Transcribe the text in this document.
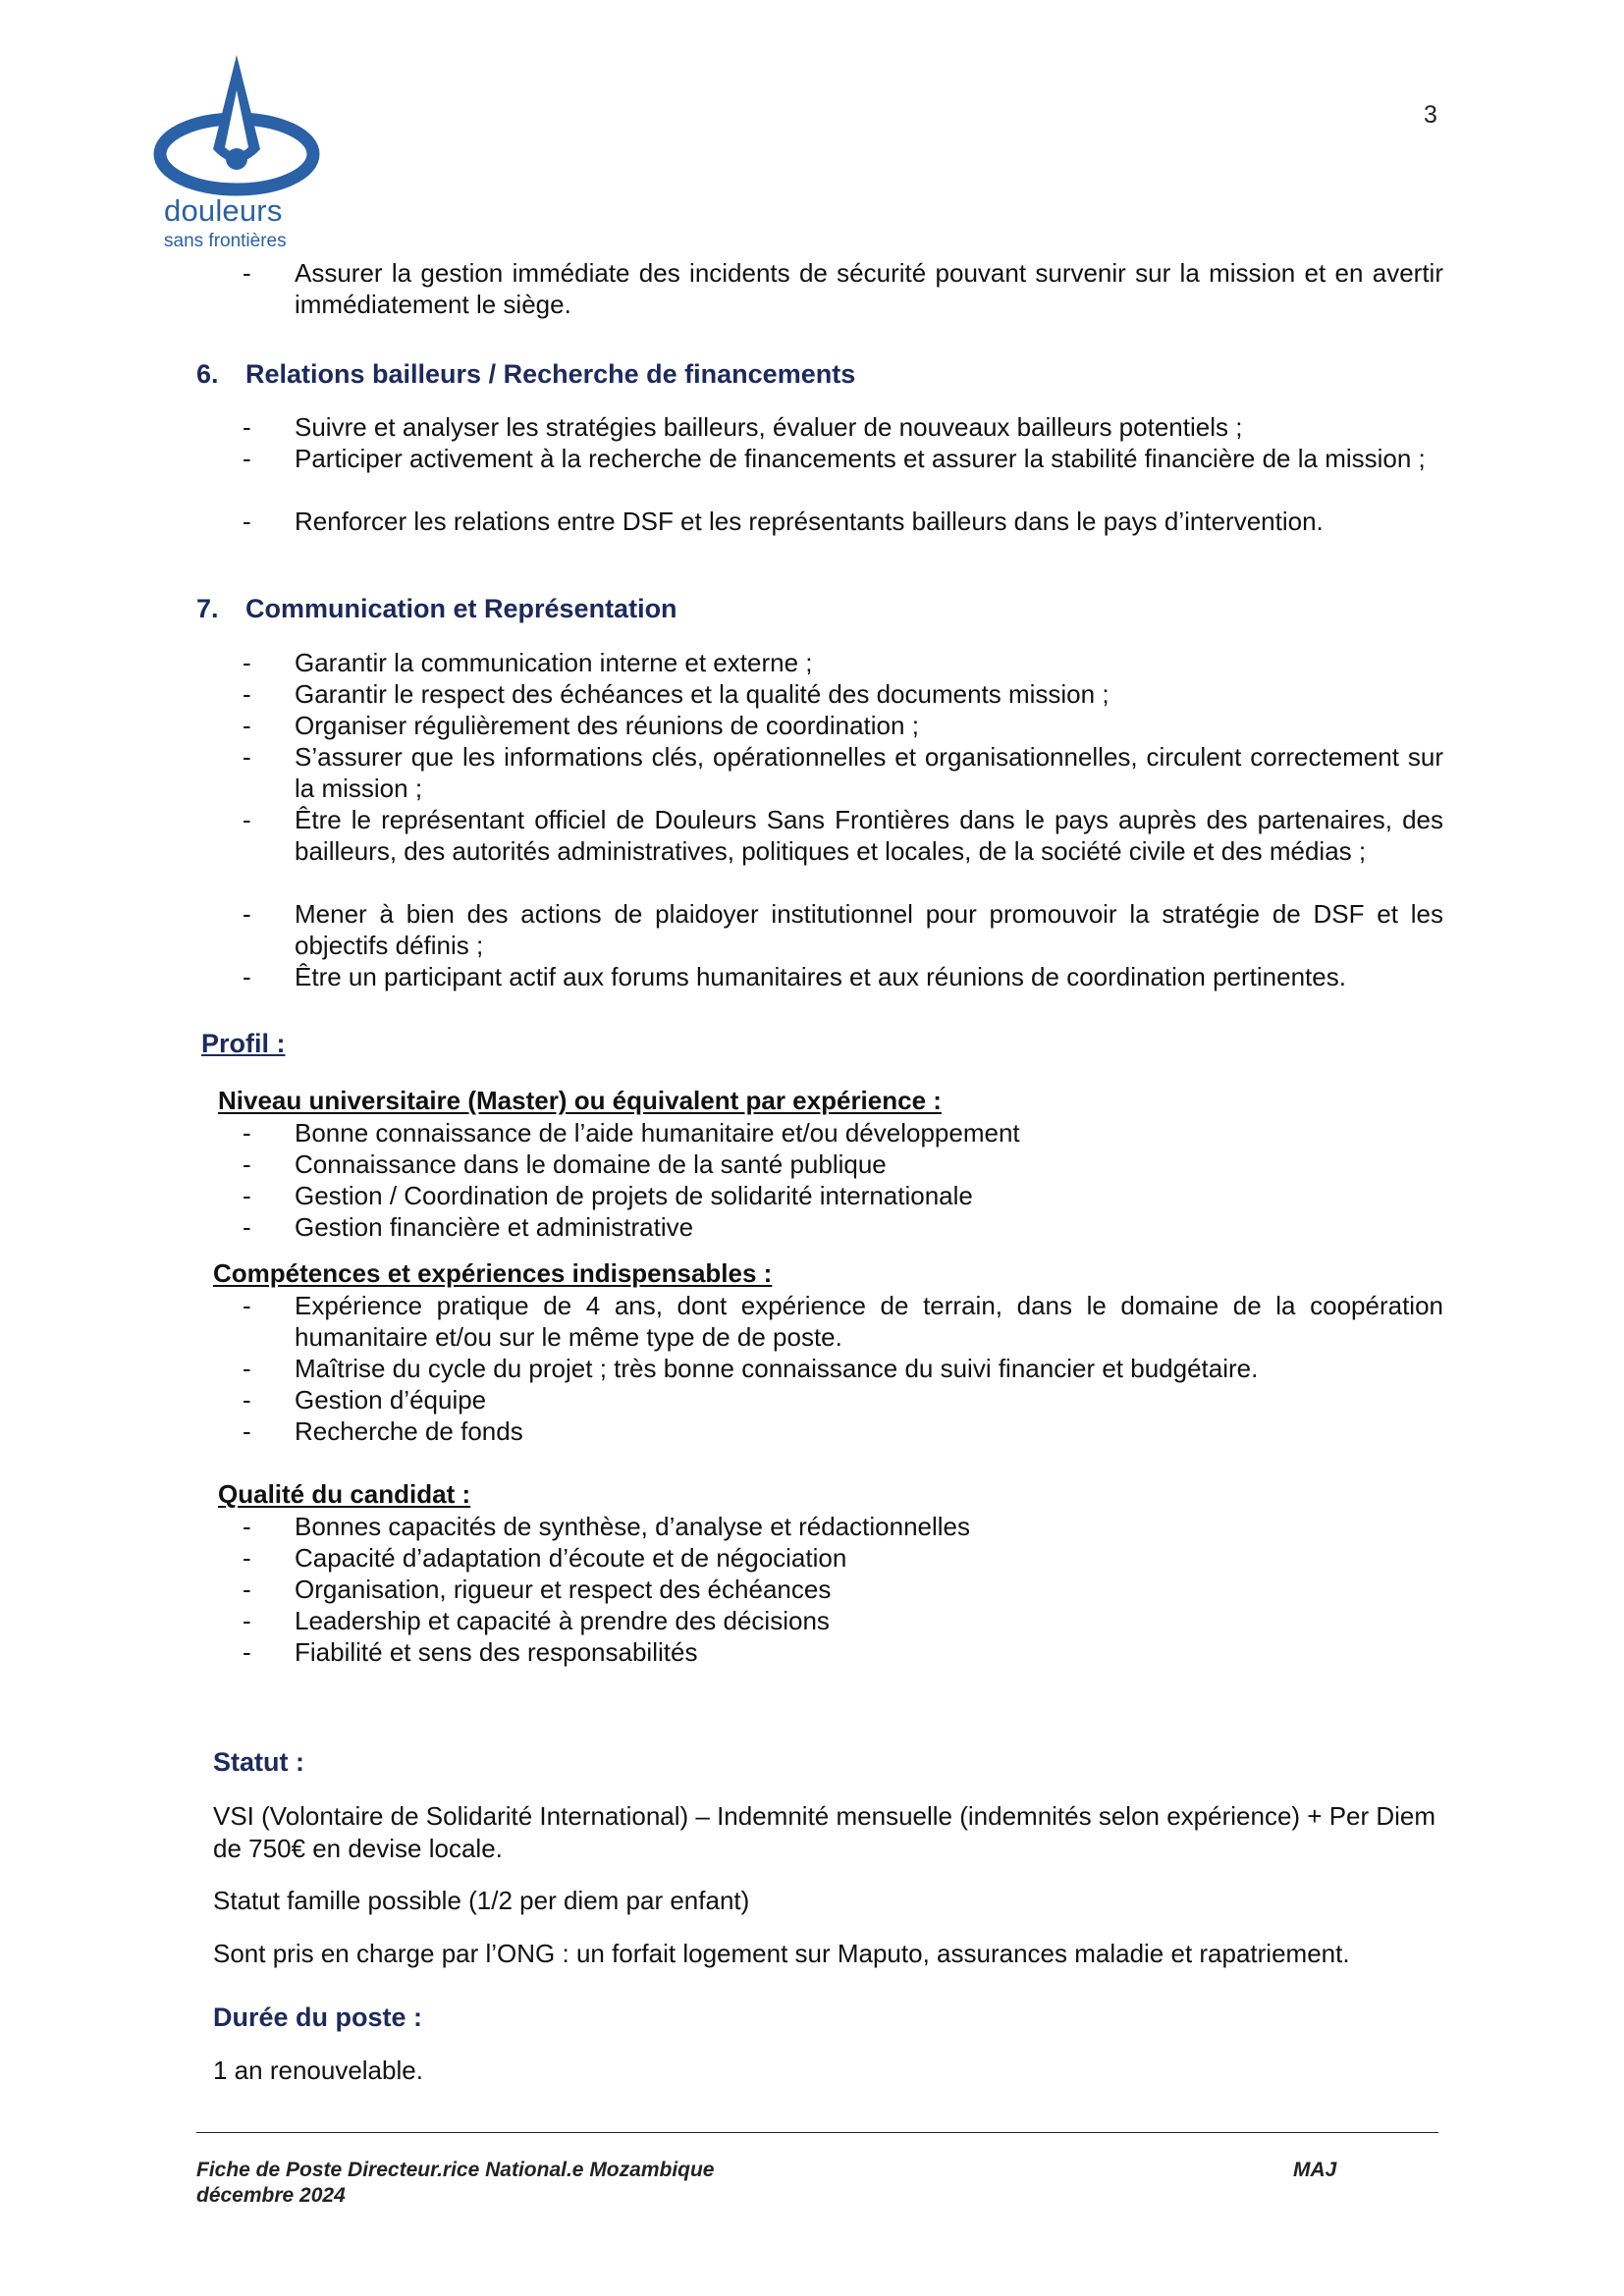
douleurs
sans frontières
3
- Assurer la gestion immédiate des incidents de sécurité pouvant survenir sur la mission et en avertir immédiatement le siège.
6. Relations bailleurs / Recherche de financements
- Suivre et analyser les stratégies bailleurs, évaluer de nouveaux bailleurs potentiels ;
- Participer activement à la recherche de financements et assurer la stabilité financière de la mission ;
- Renforcer les relations entre DSF et les représentants bailleurs dans le pays d’intervention.
7. Communication et Représentation
- Garantir la communication interne et externe ;
- Garantir le respect des échéances et la qualité des documents mission ;
- Organiser régulièrement des réunions de coordination ;
- S’assurer que les informations clés, opérationnelles et organisationnelles, circulent correctement sur la mission ;
- Être le représentant officiel de Douleurs Sans Frontières dans le pays auprès des partenaires, des bailleurs, des autorités administratives, politiques et locales, de la société civile et des médias ;
- Mener à bien des actions de plaidoyer institutionnel pour promouvoir la stratégie de DSF et les objectifs définis ;
- Être un participant actif aux forums humanitaires et aux réunions de coordination pertinentes.
Profil :
Niveau universitaire (Master) ou équivalent par expérience :
- Bonne connaissance de l’aide humanitaire et/ou développement
- Connaissance dans le domaine de la santé publique
- Gestion / Coordination de projets de solidarité internationale
- Gestion financière et administrative
Compétences et expériences indispensables :
- Expérience pratique de 4 ans, dont expérience de terrain, dans le domaine de la coopération humanitaire et/ou sur le même type de de poste.
- Maîtrise du cycle du projet ; très bonne connaissance du suivi financier et budgétaire.
- Gestion d’équipe
- Recherche de fonds
Qualité du candidat :
- Bonnes capacités de synthèse, d’analyse et rédactionnelles
- Capacité d’adaptation d’écoute et de négociation
- Organisation, rigueur et respect des échéances
- Leadership et capacité à prendre des décisions
- Fiabilité et sens des responsabilités
Statut :
VSI (Volontaire de Solidarité International) – Indemnité mensuelle (indemnités selon expérience) + Per Diem de 750€ en devise locale.
Statut famille possible (1/2 per diem par enfant)
Sont pris en charge par l’ONG : un forfait logement sur Maputo, assurances maladie et rapatriement.
Durée du poste :
1 an renouvelable.
Fiche de Poste Directeur.rice National.e Mozambique
décembre 2024
MAJ
